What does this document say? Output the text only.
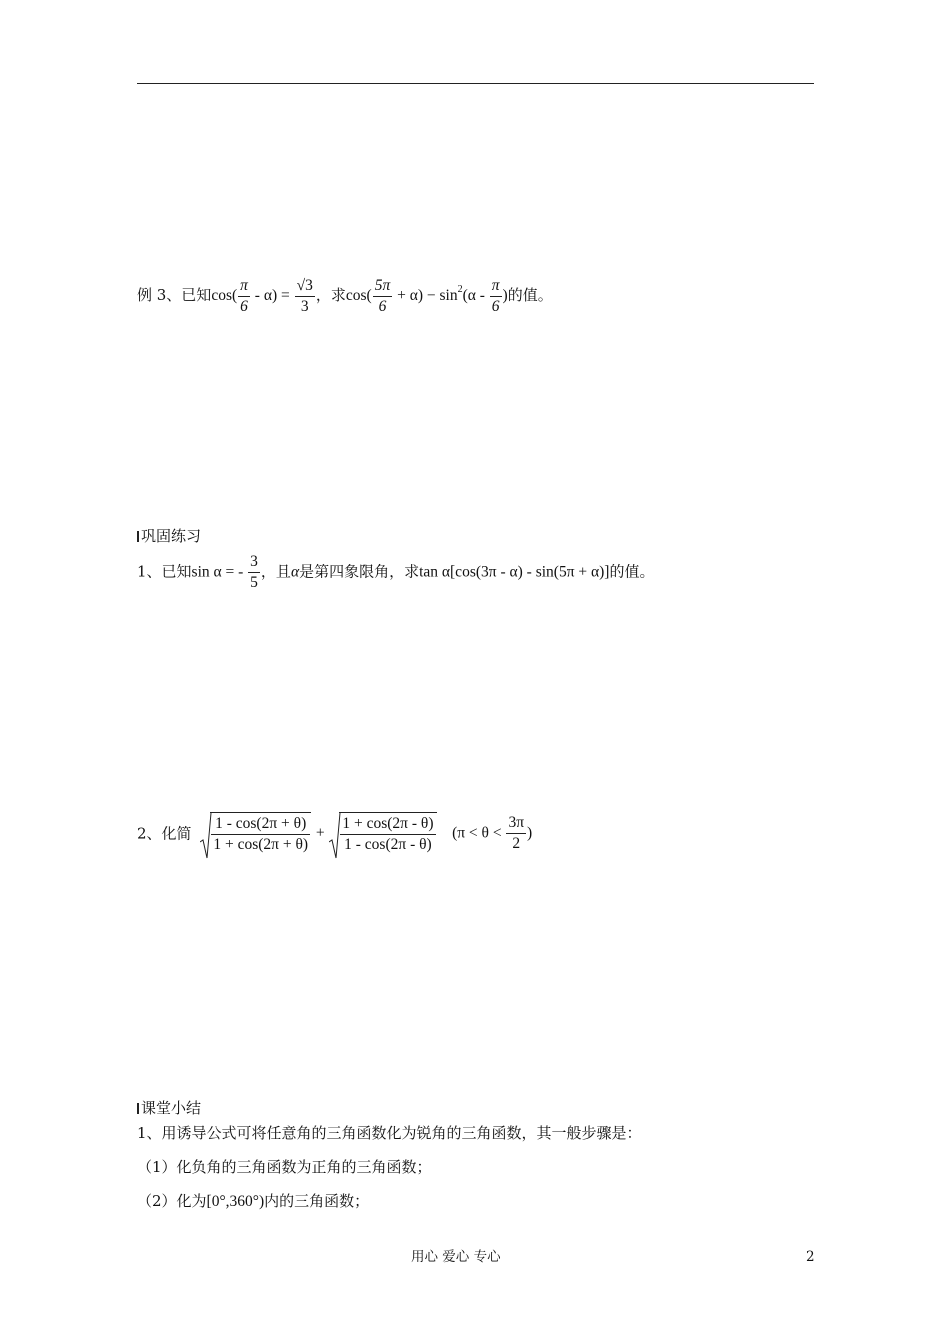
例 3、已知$\cos( \frac{\pi}{6} - \alpha) = \frac{√3}{3}$ ，求$\cos( \frac{5\pi}{6} + \alpha) - \sin^2(\alpha - \frac{\pi}{6}$ )的值。
巩固练习
1、已知sin α = - $\frac{3}{5}$ ，且α是第四象限角，求tan α[cos(3π - α) - sin(5π + α)]的值。
2、化简 $\frac{1 - \cos(2\pi + \theta)}{1 + \cos(2\pi + \theta)} + \frac{1 + \cos(2\pi - \theta)}{1 - \cos(2\pi - \theta)} (\pi < \theta < \frac{3\pi}{2}$ )
课堂小结
1、用诱导公式可将任意角的三角函数化为锐角的三角函数，其一般步骤是：
（1）化负角的三角函数为正角的三角函数；
（2）化为[0°,360°)内的三角函数；
用心 爱心 专心	2
